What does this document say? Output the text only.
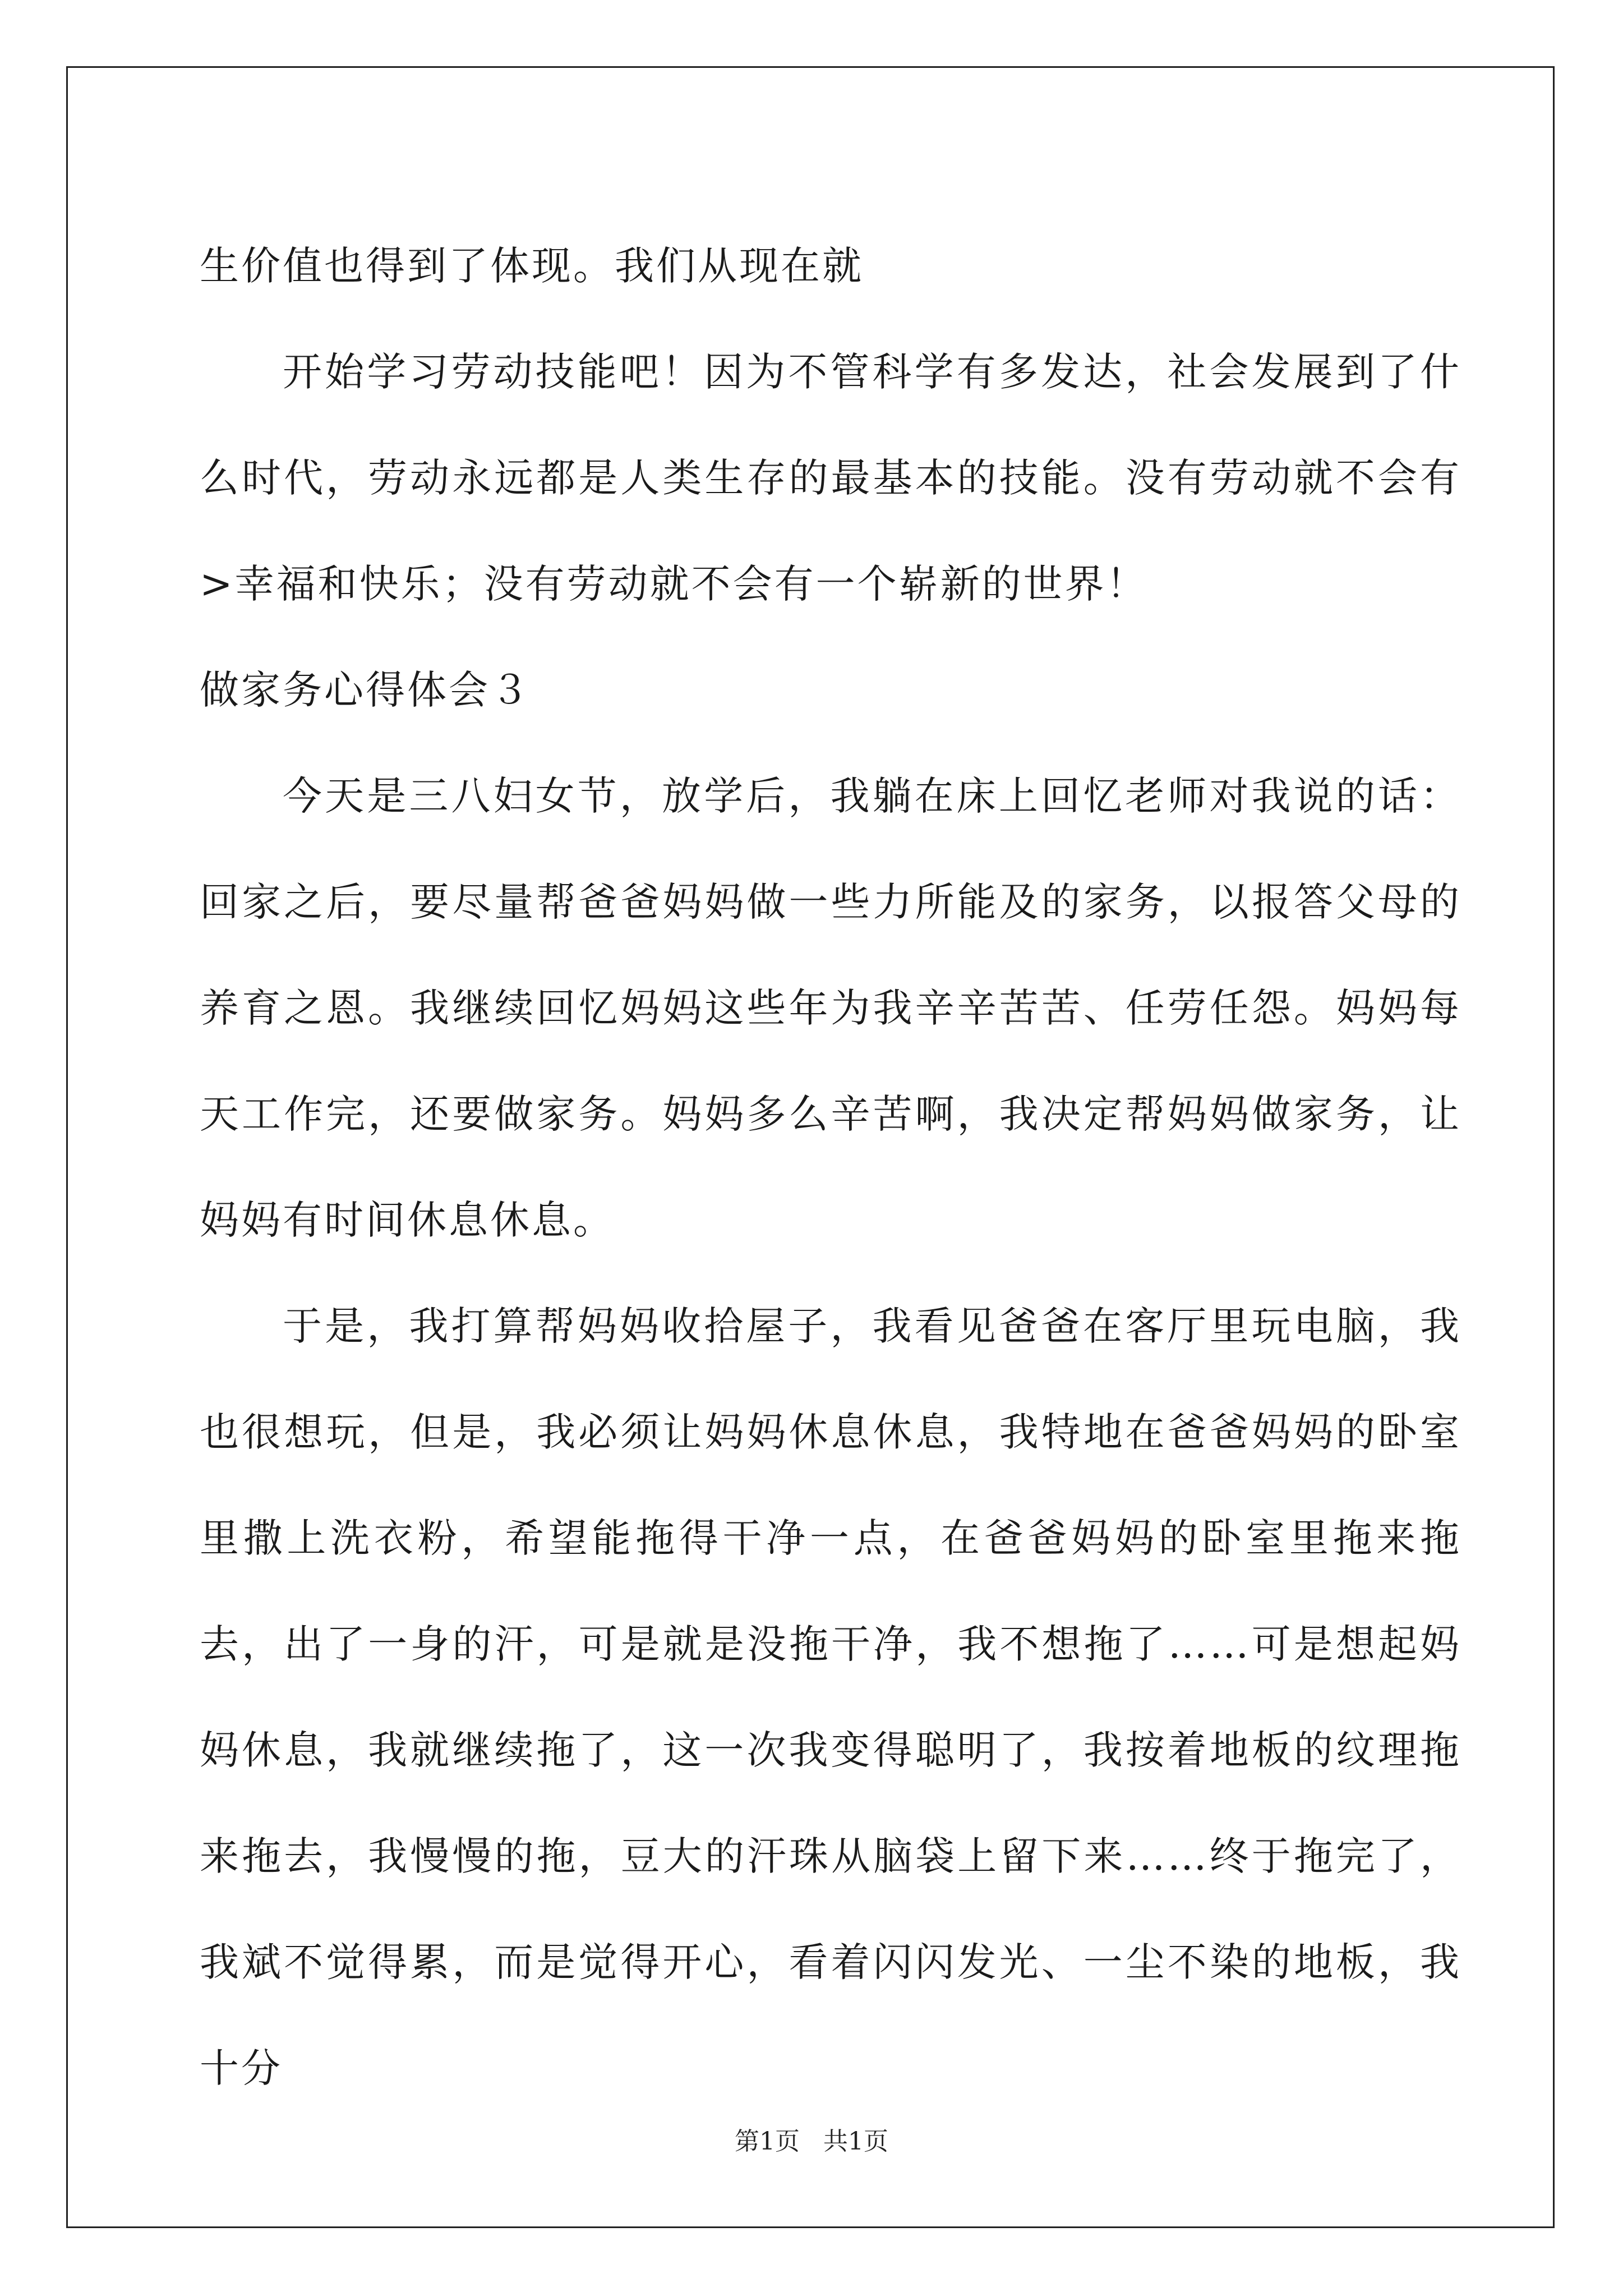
生价值也得到了体现。我们从现在就

开始学习劳动技能吧！因为不管科学有多发达，社会发展到了什么时代，劳动永远都是人类生存的最基本的技能。没有劳动就不会有>幸福和快乐；没有劳动就不会有一个崭新的世界！

做家务心得体会３

今天是三八妇女节，放学后，我躺在床上回忆老师对我说的话：回家之后，要尽量帮爸爸妈妈做一些力所能及的家务，以报答父母的养育之恩。我继续回忆妈妈这些年为我辛辛苦苦、任劳任怨。妈妈每天工作完，还要做家务。妈妈多么辛苦啊，我决定帮妈妈做家务，让妈妈有时间休息休息。

于是，我打算帮妈妈收拾屋子，我看见爸爸在客厅里玩电脑，我也很想玩，但是，我必须让妈妈休息休息，我特地在爸爸妈妈的卧室里撒上洗衣粉，希望能拖得干净一点，在爸爸妈妈的卧室里拖来拖去，出了一身的汗，可是就是没拖干净，我不想拖了……可是想起妈妈休息，我就继续拖了，这一次我变得聪明了，我按着地板的纹理拖来拖去，我慢慢的拖，豆大的汗珠从脑袋上留下来……终于拖完了，我斌不觉得累，而是觉得开心，看着闪闪发光、一尘不染的地板，我十分

第1页   共1页
